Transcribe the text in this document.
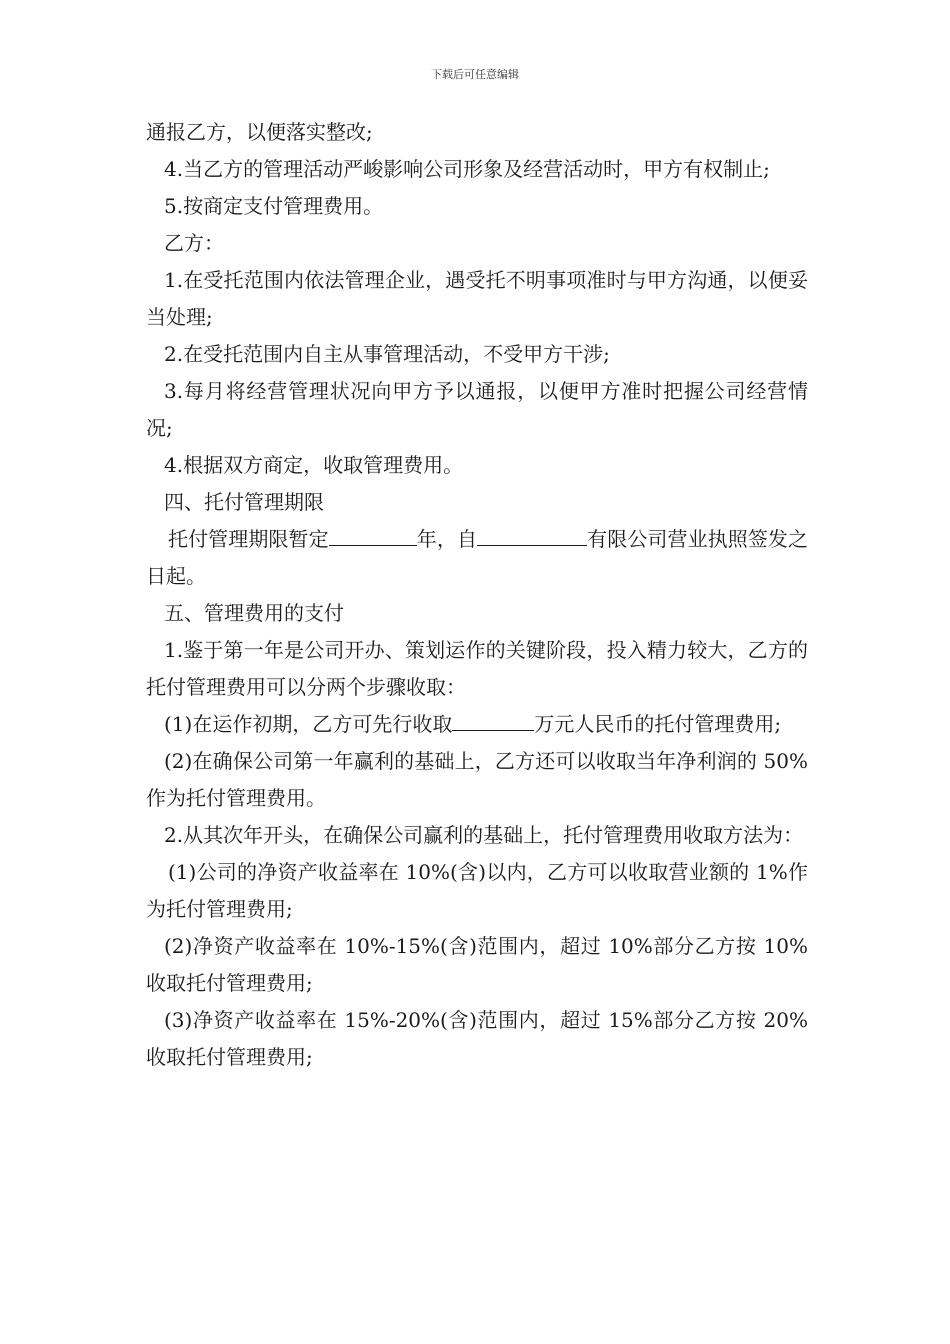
下载后可任意编辑

通报乙方，以便落实整改;

4.当乙方的管理活动严峻影响公司形象及经营活动时，甲方有权制止;

5.按商定支付管理费用。

乙方：

1.在受托范围内依法管理企业，遇受托不明事项准时与甲方沟通，以便妥当处理;

2.在受托范围内自主从事管理活动，不受甲方干涉;

3.每月将经营管理状况向甲方予以通报，以便甲方准时把握公司经营情况;

4.根据双方商定，收取管理费用。

四、托付管理期限

托付管理期限暂定	年，自	有限公司营业执照签发之日起。

五、管理费用的支付

1.鉴于第一年是公司开办、策划运作的关键阶段，投入精力较大，乙方的托付管理费用可以分两个步骤收取：

(1)在运作初期，乙方可先行收取	万元人民币的托付管理费用;

(2)在确保公司第一年赢利的基础上，乙方还可以收取当年净利润的 50%作为托付管理费用。

2.从其次年开头，在确保公司赢利的基础上，托付管理费用收取方法为：

(1)公司的净资产收益率在 10%(含)以内，乙方可以收取营业额的 1%作为托付管理费用;

(2)净资产收益率在 10%-15%(含)范围内，超过 10%部分乙方按 10%收取托付管理费用;

(3)净资产收益率在 15%-20%(含)范围内，超过 15%部分乙方按 20%收取托付管理费用;
